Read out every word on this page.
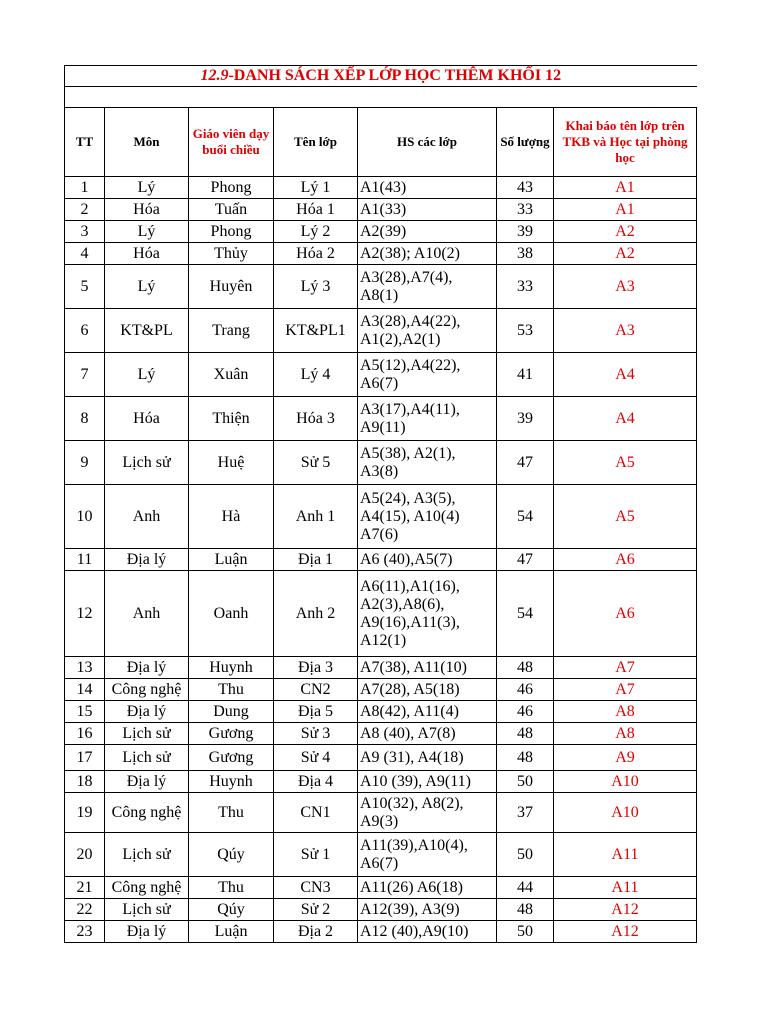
12.9-DANH SÁCH XẾP LỚP HỌC THÊM KHỐI 12						

TT	Môn	Giáo viên dạy buổi chiều	Tên lớp	HS các lớp	Số lượng	Khai báo tên lớp trên TKB và Học tại phòng học
1	Lý	Phong	Lý 1	A1(43)	43	A1
2	Hóa	Tuấn	Hóa 1	A1(33)	33	A1
3	Lý	Phong	Lý 2	A2(39)	39	A2
4	Hóa	Thủy	Hóa 2	A2(38); A10(2)	38	A2
5	Lý	Huyên	Lý 3	A3(28),A7(4),
A8(1)	33	A3
6	KT&PL	Trang	KT&PL1	A3(28),A4(22),
A1(2),A2(1)	53	A3
7	Lý	Xuân	Lý 4	A5(12),A4(22),
A6(7)	41	A4
8	Hóa	Thiện	Hóa 3	A3(17),A4(11),
A9(11)	39	A4
9	Lịch sử	Huệ	Sử 5	A5(38), A2(1),
A3(8)	47	A5
10	Anh	Hà	Anh 1	A5(24), A3(5),
A4(15), A10(4)
A7(6)	54	A5
11	Địa lý	Luận	Địa 1	A6 (40),A5(7)	47	A6
12	Anh	Oanh	Anh 2	A6(11),A1(16),
A2(3),A8(6),
A9(16),A11(3),
A12(1)	54	A6
13	Địa lý	Huynh	Địa 3	A7(38), A11(10)	48	A7
14	Công nghệ	Thu	CN2	A7(28), A5(18)	46	A7
15	Địa lý	Dung	Địa 5	A8(42), A11(4)	46	A8
16	Lịch sử	Gương	Sử 3	A8 (40), A7(8)	48	A8
17	Lịch sử	Gương	Sử 4	A9 (31), A4(18)	48	A9
18	Địa lý	Huynh	Địa 4	A10 (39), A9(11)	50	A10
19	Công nghệ	Thu	CN1	A10(32), A8(2),
A9(3)	37	A10
20	Lịch sử	Qúy	Sử 1	A11(39),A10(4),
A6(7)	50	A11
21	Công nghệ	Thu	CN3	A11(26) A6(18)	44	A11
22	Lịch sử	Qúy	Sử 2	A12(39), A3(9)	48	A12
23	Địa lý	Luận	Địa 2	A12 (40),A9(10)	50	A12
